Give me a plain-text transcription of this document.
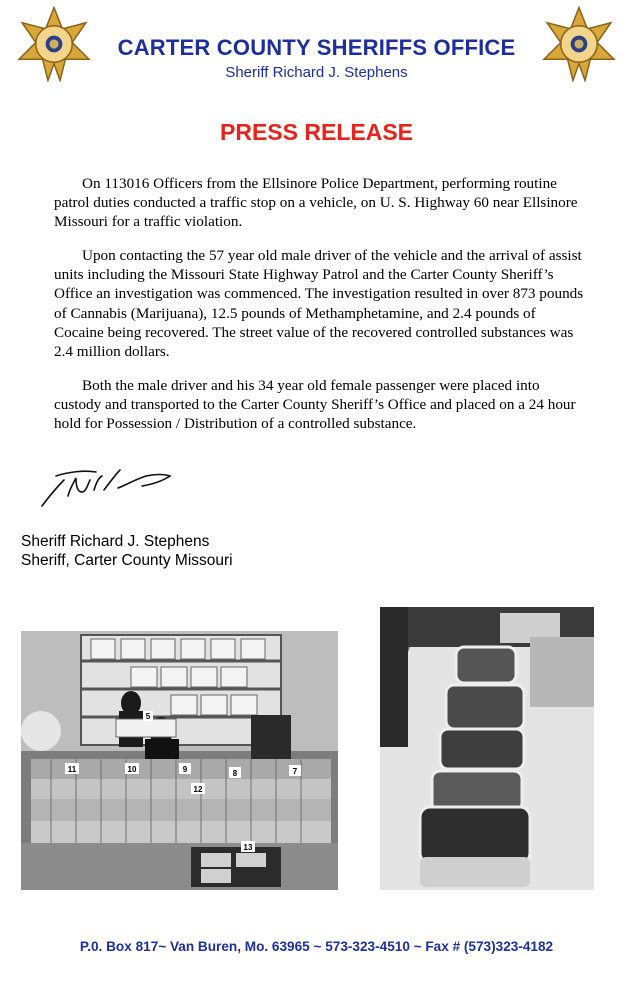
CARTER COUNTY SHERIFFS OFFICE
Sheriff Richard J. Stephens
PRESS RELEASE

On 113016 Officers from the Ellsinore Police Department, performing routine patrol duties conducted a traffic stop on a vehicle, on U. S. Highway 60 near Ellsinore Missouri for a traffic violation.

Upon contacting the 57 year old male driver of the vehicle and the arrival of assist units including the Missouri State Highway Patrol and the Carter County Sheriff’s Office an investigation was commenced. The investigation resulted in over 873 pounds of Cannabis (Marijuana), 12.5 pounds of Methamphetamine, and 2.4 pounds of Cocaine being recovered. The street value of the recovered controlled substances was 2.4 million dollars.

Both the male driver and his 34 year old female passenger were placed into custody and transported to the Carter County Sheriff’s Office and placed on a 24 hour hold for Possession / Distribution of a controlled substance.

Sheriff Richard J. Stephens
Sheriff, Carter County Missouri
5
11	10	9	8	7
12
13
P.0. Box 817~ Van Buren, Mo. 63965 ~ 573-323-4510 ~ Fax # (573)323-4182
